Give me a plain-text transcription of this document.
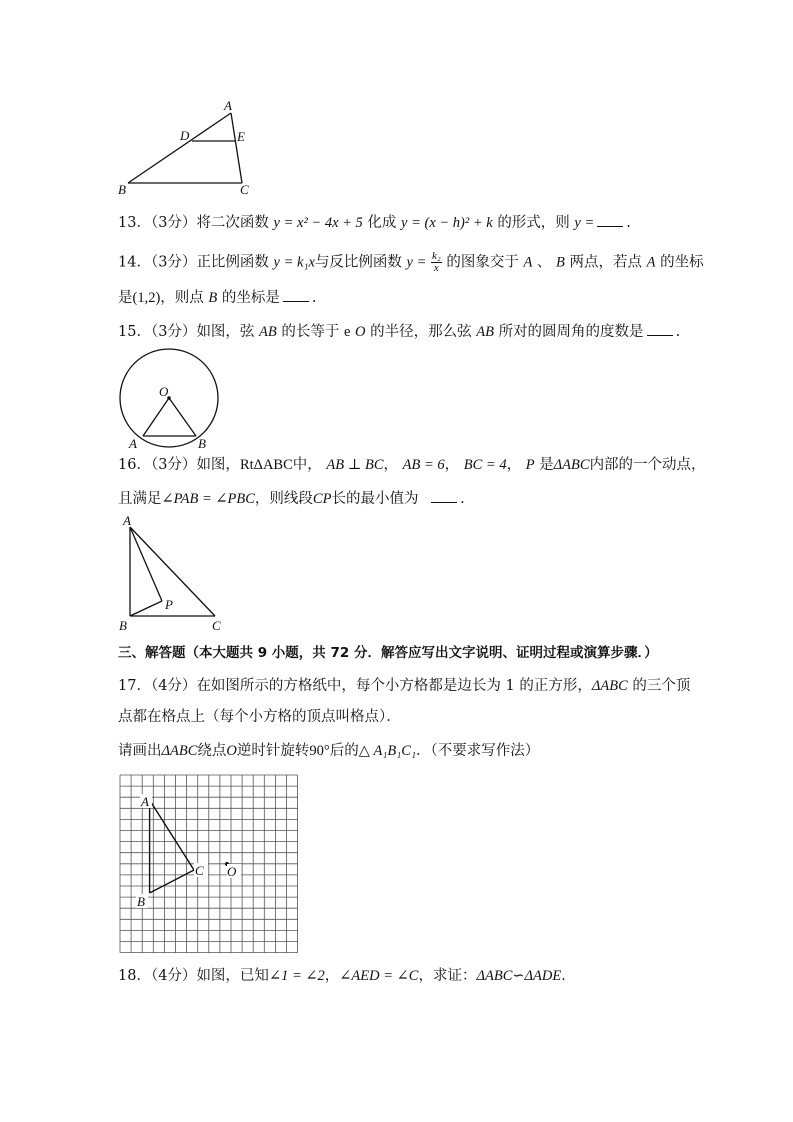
A
D	E
B	C
13．（3分）将二次函数 y = x² − 4x + 5 化成 y = (x − h)² + k 的形式，则 y = .
14．（3分）正比例函数 y = k₁x与反比例函数 $y = \frac{\text{k₂}}{x}$ 的图象交于 A 、 B 两点，若点 A 的坐标
是(1,2)，则点 B 的坐标是 .
15．（3分）如图，弦 AB 的长等于 e O 的半径，那么弦 AB 所对的圆周角的度数是 .
O
A	B
16．（3分）如图，RtΔABC中， AB ⊥ BC， AB = 6， BC = 4， P 是ΔABC内部的一个动点，
且满足∠PAB = ∠PBC，则线段CP长的最小值为	.
A
P
B	C
三、解答题（本大题共 9 小题，共 72 分．解答应写出文字说明、证明过程或演算步骤．）
17．（4分）在如图所示的方格纸中，每个小方格都是边长为 1 的正方形，ΔABC 的三个顶
点都在格点上（每个小方格的顶点叫格点）．
请画出ΔABC绕点O逆时针旋转90°后的△ A₁B₁C₁．（不要求写作法）
A
C O
B
18．（4分）如图，已知∠1 = ∠2，∠AED = ∠C，求证：ΔABC∽ΔADE．
